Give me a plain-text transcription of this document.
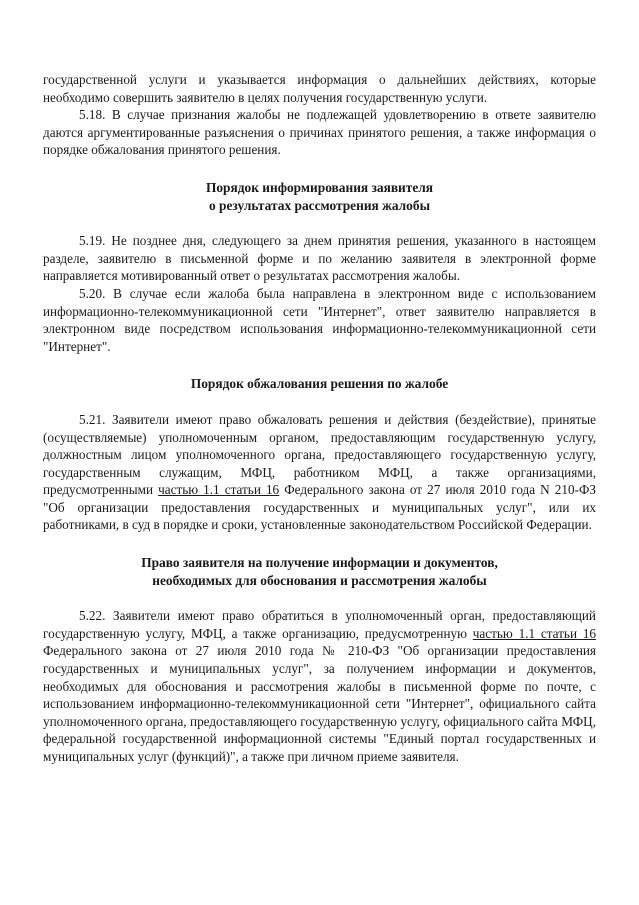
государственной услуги и указывается информация о дальнейших действиях, которые необходимо совершить заявителю в целях получения государственную услуги.

5.18. В случае признания жалобы не подлежащей удовлетворению в ответе заявителю даются аргументированные разъяснения о причинах принятого решения, а также информация о порядке обжалования принятого решения.

Порядок информирования заявителя
о результатах рассмотрения жалобы

5.19. Не позднее дня, следующего за днем принятия решения, указанного в настоящем разделе, заявителю в письменной форме и по желанию заявителя в электронной форме направляется мотивированный ответ о результатах рассмотрения жалобы.

5.20. В случае если жалоба была направлена в электронном виде с использованием информационно-телекоммуникационной сети "Интернет", ответ заявителю направляется в электронном виде посредством использования информационно-телекоммуникационной сети "Интернет".

Порядок обжалования решения по жалобе

5.21. Заявители имеют право обжаловать решения и действия (бездействие), принятые (осуществляемые) уполномоченным органом, предоставляющим государственную услугу, должностным лицом уполномоченного органа, предоставляющего государственную услугу, государственным служащим, МФЦ, работником МФЦ, а также организациями, предусмотренными частью 1.1 статьи 16 Федерального закона от 27 июля 2010 года N 210-ФЗ "Об организации предоставления государственных и муниципальных услуг", или их работниками, в суд в порядке и сроки, установленные законодательством Российской Федерации.

Право заявителя на получение информации и документов,
необходимых для обоснования и рассмотрения жалобы

5.22. Заявители имеют право обратиться в уполномоченный орган, предоставляющий государственную услугу, МФЦ, а также организацию, предусмотренную частью 1.1 статьи 16 Федерального закона от 27 июля 2010 года № 210-ФЗ "Об организации предоставления государственных и муниципальных услуг", за получением информации и документов, необходимых для обоснования и рассмотрения жалобы в письменной форме по почте, с использованием информационно-телекоммуникационной сети "Интернет", официального сайта уполномоченного органа, предоставляющего государственную услугу, официального сайта МФЦ, федеральной государственной информационной системы "Единый портал государственных и муниципальных услуг (функций)", а также при личном приеме заявителя.
